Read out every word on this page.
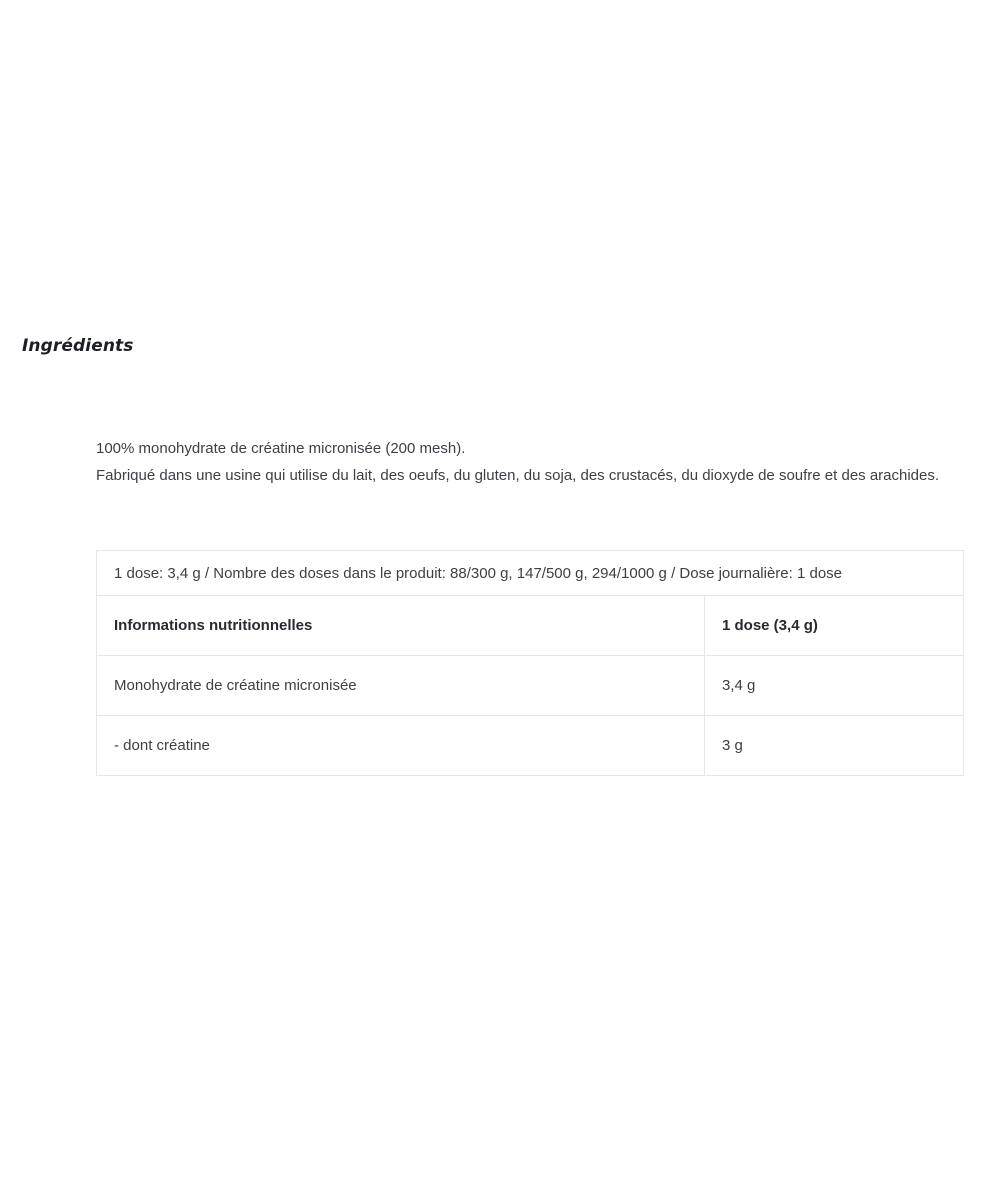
Ingrédients

100% monohydrate de créatine micronisée (200 mesh).

Fabriqué dans une usine qui utilise du lait, des oeufs, du gluten, du soja, des crustacés, du dioxyde de soufre et des arachides.

1 dose: 3,4 g / Nombre des doses dans le produit: 88/300 g, 147/500 g, 294/1000 g / Dose journalière: 1 dose	
Informations nutritionnelles	1 dose (3,4 g)
Monohydrate de créatine micronisée	3,4 g
- dont créatine	3 g
